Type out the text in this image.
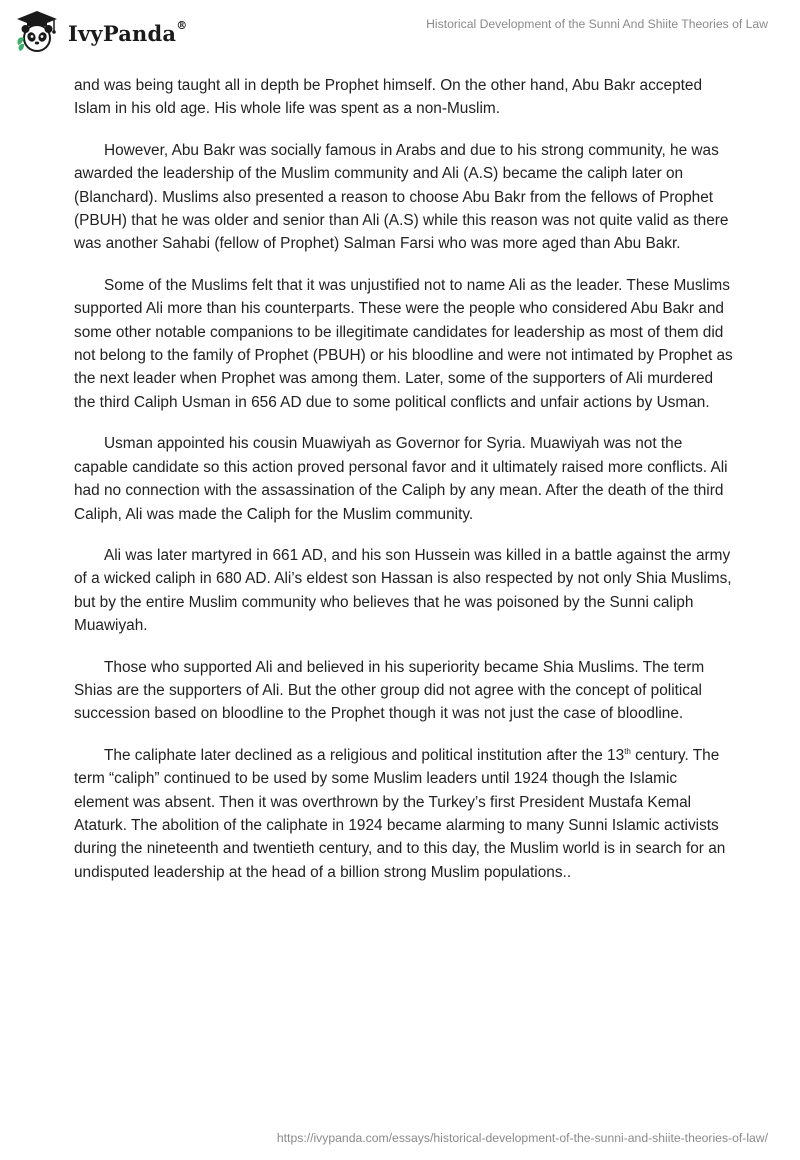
IvyPanda®	Historical Development of the Sunni And Shiite Theories of Law

and was being taught all in depth be Prophet himself. On the other hand, Abu Bakr accepted Islam in his old age. His whole life was spent as a non-Muslim.

However, Abu Bakr was socially famous in Arabs and due to his strong community, he was awarded the leadership of the Muslim community and Ali (A.S) became the caliph later on (Blanchard). Muslims also presented a reason to choose Abu Bakr from the fellows of Prophet (PBUH) that he was older and senior than Ali (A.S) while this reason was not quite valid as there was another Sahabi (fellow of Prophet) Salman Farsi who was more aged than Abu Bakr.

Some of the Muslims felt that it was unjustified not to name Ali as the leader. These Muslims supported Ali more than his counterparts. These were the people who considered Abu Bakr and some other notable companions to be illegitimate candidates for leadership as most of them did not belong to the family of Prophet (PBUH) or his bloodline and were not intimated by Prophet as the next leader when Prophet was among them. Later, some of the supporters of Ali murdered the third Caliph Usman in 656 AD due to some political conflicts and unfair actions by Usman.

Usman appointed his cousin Muawiyah as Governor for Syria. Muawiyah was not the capable candidate so this action proved personal favor and it ultimately raised more conflicts. Ali had no connection with the assassination of the Caliph by any mean. After the death of the third Caliph, Ali was made the Caliph for the Muslim community.

Ali was later martyred in 661 AD, and his son Hussein was killed in a battle against the army of a wicked caliph in 680 AD. Ali’s eldest son Hassan is also respected by not only Shia Muslims, but by the entire Muslim community who believes that he was poisoned by the Sunni caliph Muawiyah.

Those who supported Ali and believed in his superiority became Shia Muslims. The term Shias are the supporters of Ali. But the other group did not agree with the concept of political succession based on bloodline to the Prophet though it was not just the case of bloodline.

The caliphate later declined as a religious and political institution after the 13th century. The term “caliph” continued to be used by some Muslim leaders until 1924 though the Islamic element was absent. Then it was overthrown by the Turkey’s first President Mustafa Kemal Ataturk. The abolition of the caliphate in 1924 became alarming to many Sunni Islamic activists during the nineteenth and twentieth century, and to this day, the Muslim world is in search for an undisputed leadership at the head of a billion strong Muslim populations..

https://ivypanda.com/essays/historical-development-of-the-sunni-and-shiite-theories-of-law/
